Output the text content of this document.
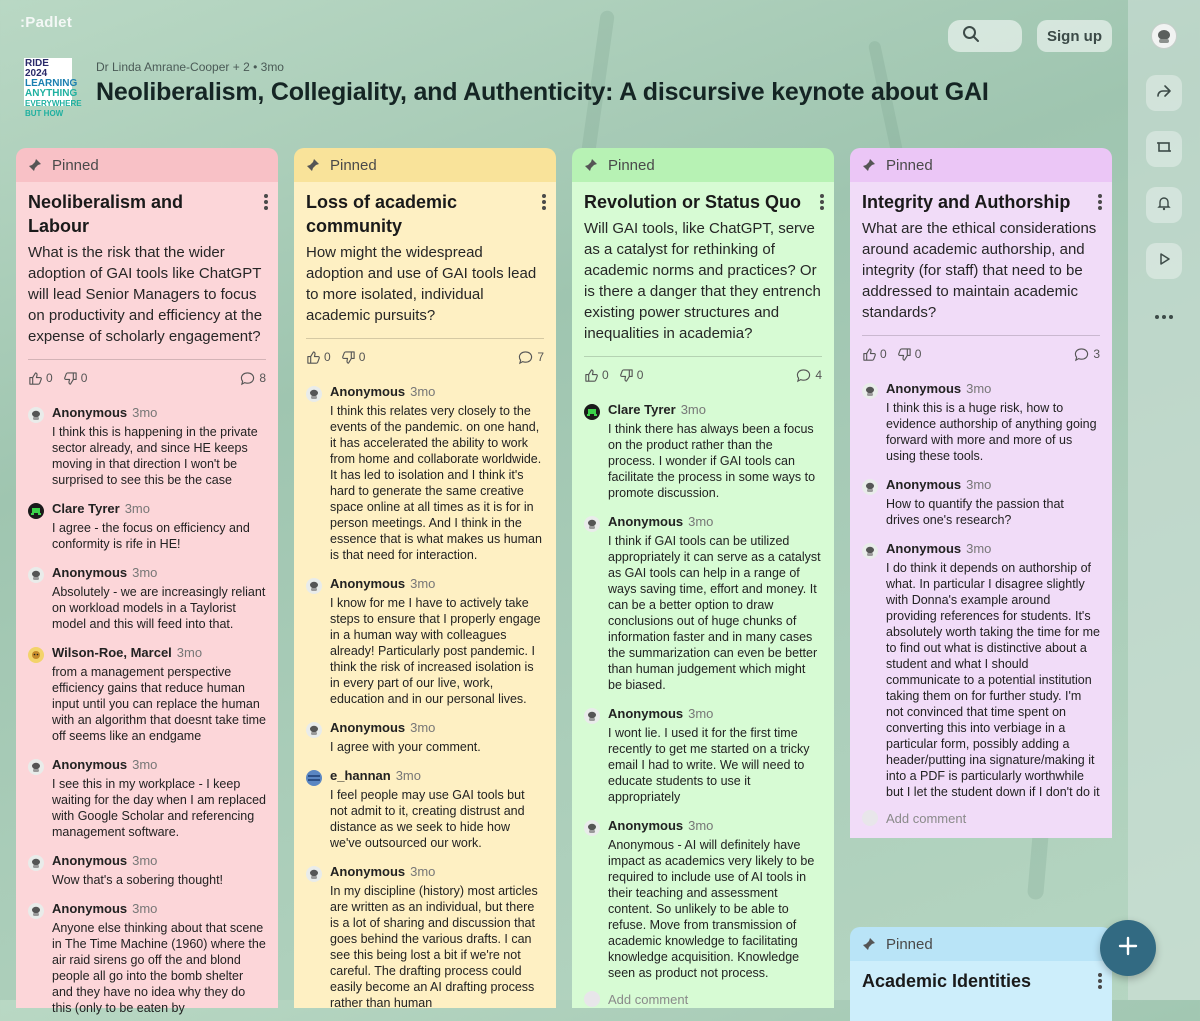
:Padlet
Sign up
RIDE 2024
LEARNING
ANYTHING
EVERYWHERE
BUT HOW
Dr Linda Amrane-Cooper + 2 • 3mo
Neoliberalism, Collegiality, and Authenticity: A discursive keynote about GAI
Pinned
Neoliberalism and Labour
What is the risk that the wider adoption of GAI tools like ChatGPT will lead Senior Managers to focus on productivity and efficiency at the expense of scholarly engagement?
0 0	8
Anonymous 3mo
I think this is happening in the private sector already, and since HE keeps moving in that direction I won't be surprised to see this be the case
Clare Tyrer 3mo
I agree - the focus on efficiency and conformity is rife in HE!
Anonymous 3mo
Absolutely - we are increasingly reliant on workload models in a Taylorist model and this will feed into that.
Wilson-Roe, Marcel 3mo
from a management perspective efficiency gains that reduce human input until you can replace the human with an algorithm that doesnt take time off seems like an endgame
Anonymous 3mo
I see this in my workplace - I keep waiting for the day when I am replaced with Google Scholar and referencing management software.
Anonymous 3mo
Wow that's a sobering thought!
Anonymous 3mo
Anyone else thinking about that scene in The Time Machine (1960) where the air raid sirens go off the and blond people all go into the bomb shelter and they have no idea why they do this (only to be eaten by
Pinned
Loss of academic community
How might the widespread adoption and use of GAI tools lead to more isolated, individual academic pursuits?
0 0	7
Anonymous 3mo
I think this relates very closely to the events of the pandemic. on one hand, it has accelerated the ability to work from home and collaborate worldwide. It has led to isolation and I think it's hard to generate the same creative space online at all times as it is for in person meetings. And I think in the essence that is what makes us human is that need for interaction.
Anonymous 3mo
I know for me I have to actively take steps to ensure that I properly engage in a human way with colleagues already! Particularly post pandemic. I think the risk of increased isolation is in every part of our live, work, education and in our personal lives.
Anonymous 3mo
I agree with your comment.
e_hannan 3mo
I feel people may use GAI tools but not admit to it, creating distrust and distance as we seek to hide how we've outsourced our work.
Anonymous 3mo
In my discipline (history) most articles are written as an individual, but there is a lot of sharing and discussion that goes behind the various drafts. I can see this being lost a bit if we're not careful. The drafting process could easily become an AI drafting process rather than human
Pinned
Revolution or Status Quo
Will GAI tools, like ChatGPT, serve as a catalyst for rethinking of academic norms and practices? Or is there a danger that they entrench existing power structures and inequalities in academia?
0 0	4
Clare Tyrer 3mo
I think there has always been a focus on the product rather than the process. I wonder if GAI tools can facilitate the process in some ways to promote discussion.
Anonymous 3mo
I think if GAI tools can be utilized appropriately it can serve as a catalyst as GAI tools can help in a range of ways saving time, effort and money. It can be a better option to draw conclusions out of huge chunks of information faster and in many cases the summarization can even be better than human judgement which might be biased.
Anonymous 3mo
I wont lie. I used it for the first time recently to get me started on a tricky email I had to write. We will need to educate students to use it appropriately
Anonymous 3mo
Anonymous - AI will definitely have impact as academics very likely to be required to include use of AI tools in their teaching and assessment content. So unlikely to be able to refuse. Move from transmission of academic knowledge to facilitating knowledge acquisition. Knowledge seen as product not process.
Add comment
Pinned
Integrity and Authorship
What are the ethical considerations around academic authorship, and integrity (for staff) that need to be addressed to maintain academic standards?
0 0	3
Anonymous 3mo
I think this is a huge risk, how to evidence authorship of anything going forward with more and more of us using these tools.
Anonymous 3mo
How to quantify the passion that drives one's research?
Anonymous 3mo
I do think it depends on authorship of what. In particular I disagree slightly with Donna's example around providing references for students. It's absolutely worth taking the time for me to find out what is distinctive about a student and what I should communicate to a potential institution taking them on for further study. I'm not convinced that time spent on converting this into verbiage in a particular form, possibly adding a header/putting ina signature/making it into a PDF is particularly worthwhile but I let the student down if I don't do it
Add comment
Pinned
Academic Identities
